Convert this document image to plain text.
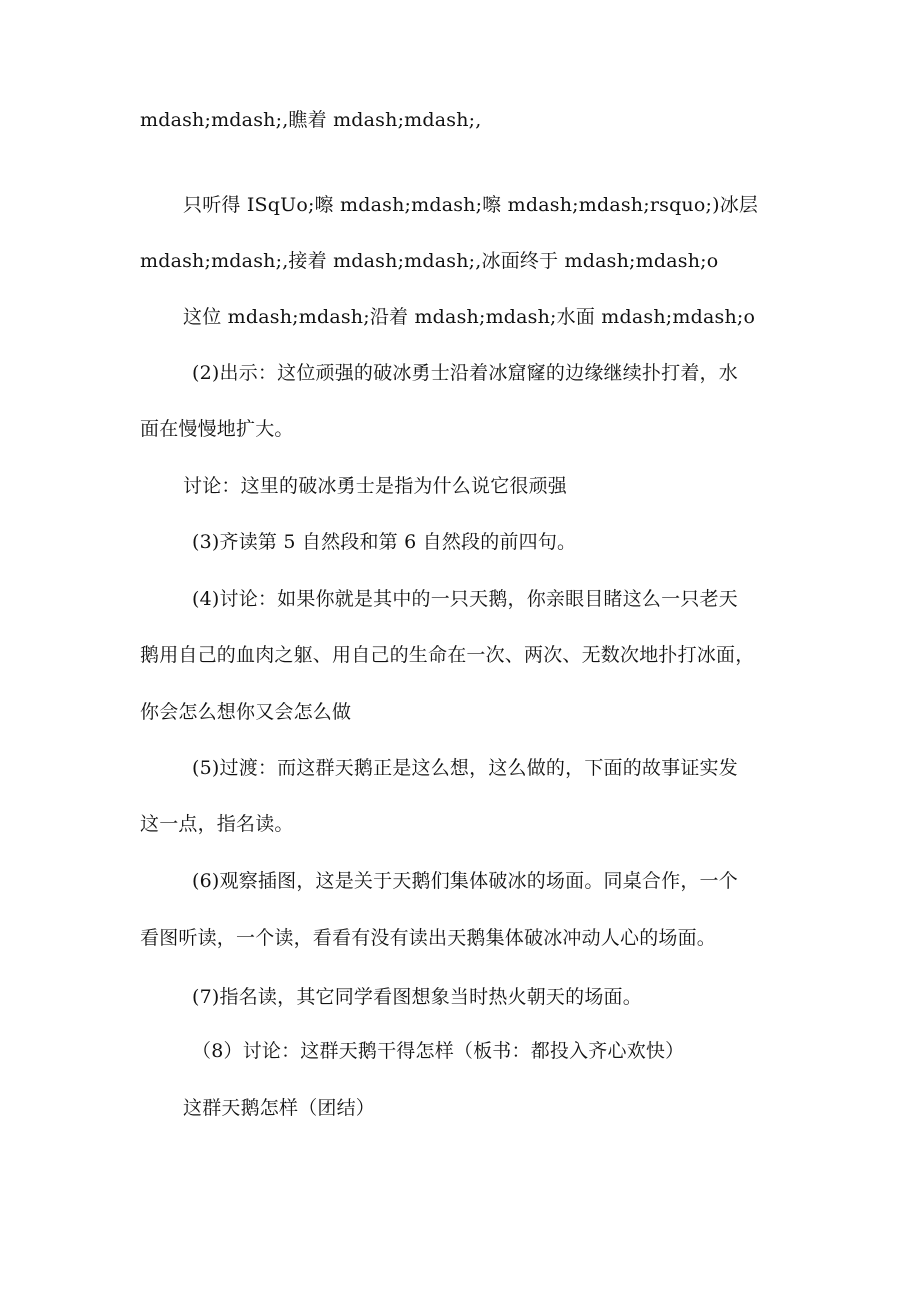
mdash;mdash;,瞧着 mdash;mdash;,
只听得 ISqUo;嚓 mdash;mdash;嚓 mdash;mdash;rsquo;)冰层
mdash;mdash;,接着 mdash;mdash;,冰面终于 mdash;mdash;o
这位 mdash;mdash;沿着 mdash;mdash;水面 mdash;mdash;o
(2)出示：这位顽强的破冰勇士沿着冰窟窿的边缘继续扑打着，水
面在慢慢地扩大。
讨论：这里的破冰勇士是指为什么说它很顽强
(3)齐读第 5 自然段和第 6 自然段的前四句。
(4)讨论：如果你就是其中的一只天鹅，你亲眼目睹这么一只老天
鹅用自己的血肉之躯、用自己的生命在一次、两次、无数次地扑打冰面，
你会怎么想你又会怎么做
(5)过渡：而这群天鹅正是这么想，这么做的，下面的故事证实发
这一点，指名读。
(6)观察插图，这是关于天鹅们集体破冰的场面。同桌合作，一个
看图听读，一个读，看看有没有读出天鹅集体破冰冲动人心的场面。
(7)指名读，其它同学看图想象当时热火朝天的场面。
（8）讨论：这群天鹅干得怎样（板书：都投入齐心欢快）
这群天鹅怎样（团结）
